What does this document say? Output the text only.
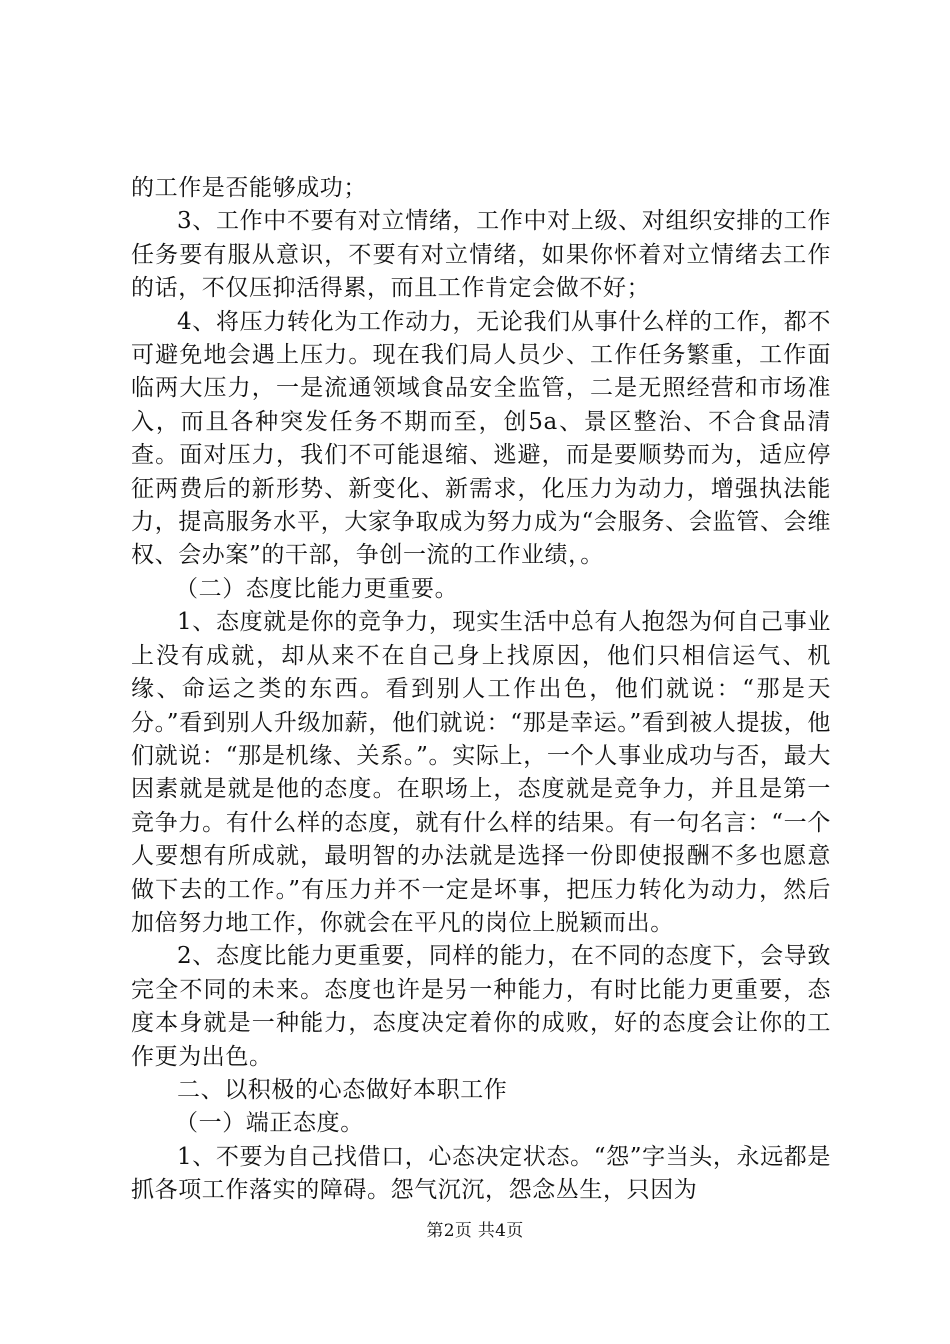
的工作是否能够成功；

3、工作中不要有对立情绪，工作中对上级、对组织安排的工作任务要有服从意识，不要有对立情绪，如果你怀着对立情绪去工作的话，不仅压抑活得累，而且工作肯定会做不好；

4、将压力转化为工作动力，无论我们从事什么样的工作，都不可避免地会遇上压力。现在我们局人员少、工作任务繁重，工作面临两大压力，一是流通领域食品安全监管，二是无照经营和市场准入，而且各种突发任务不期而至，创5a、景区整治、不合食品清查。面对压力，我们不可能退缩、逃避，而是要顺势而为，适应停征两费后的新形势、新变化、新需求，化压力为动力，增强执法能力，提高服务水平，大家争取成为努力成为“会服务、会监管、会维权、会办案”的干部，争创一流的工作业绩，。

（二）态度比能力更重要。

1、态度就是你的竞争力，现实生活中总有人抱怨为何自己事业上没有成就，却从来不在自己身上找原因，他们只相信运气、机缘、命运之类的东西。看到别人工作出色，他们就说：“那是天分。”看到别人升级加薪，他们就说：“那是幸运。”看到被人提拔，他们就说：“那是机缘、关系。”。实际上，一个人事业成功与否，最大因素就是就是他的态度。在职场上，态度就是竞争力，并且是第一竞争力。有什么样的态度，就有什么样的结果。有一句名言：“一个人要想有所成就，最明智的办法就是选择一份即使报酬不多也愿意做下去的工作。”有压力并不一定是坏事，把压力转化为动力，然后加倍努力地工作，你就会在平凡的岗位上脱颖而出。

2、态度比能力更重要，同样的能力，在不同的态度下，会导致完全不同的未来。态度也许是另一种能力，有时比能力更重要，态度本身就是一种能力，态度决定着你的成败，好的态度会让你的工作更为出色。

二、以积极的心态做好本职工作

（一）端正态度。

1、不要为自己找借口，心态决定状态。“怨”字当头，永远都是抓各项工作落实的障碍。怨气沉沉，怨念丛生，只因为

第2页 共4页
